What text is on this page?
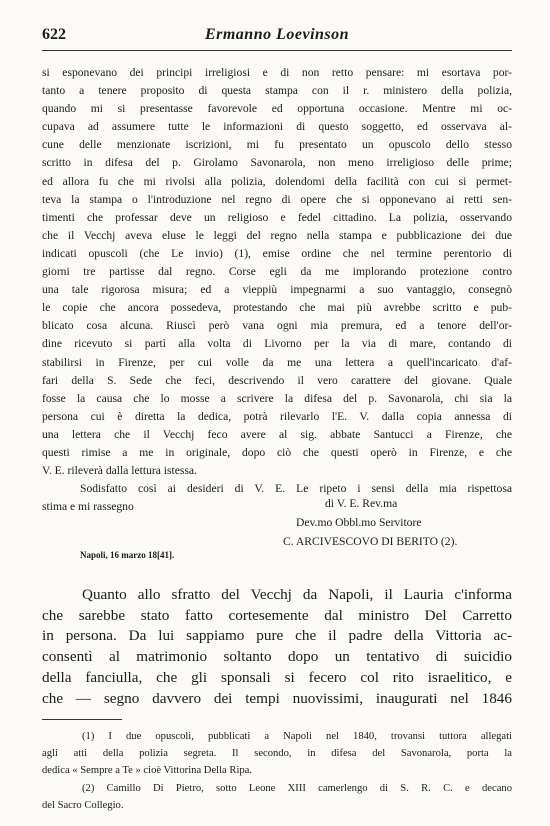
622	Ermanno Loevinson
si esponevano dei principi irreligiosi e di non retto pensare: mi esortava por-
tanto a tenere proposito di questa stampa con il r. ministero della polizia,
quando mi si presentasse favorevole ed opportuna occasione. Mentre mi oc-
cupava ad assumere tutte le informazioni di questo soggetto, ed osservava al-
cune delle menzionate iscrizioni, mi fu presentato un opuscolo dello stesso
scritto in difesa del p. Girolamo Savonarola, non meno irreligioso delle prime;
ed allora fu che mi rivolsi alla polizia, dolendomi della facilità con cui si permet-
teva la stampa o l'introduzione nel regno di opere che si opponevano ai retti sen-
timenti che professar deve un religioso e fedel cittadino. La polizia, osservando
che il Vecchj aveva eluse le leggi del regno nella stampa e pubblicazione dei due
indicati opuscoli (che Le invio) (1), emise ordine che nel termine perentorio di
giorni tre partisse dal regno. Corse egli da me implorando protezione contro
una tale rigorosa misura; ed a vieppiù impegnarmi a suo vantaggio, consegnò
le copie che ancora possedeva, protestando che mai più avrebbe scritto e pub-
blicato cosa alcuna. Riuscì però vana ogni mia premura, ed a tenore dell'or-
dine ricevuto si partì alla volta di Livorno per la via di mare, contando di
stabilirsi in Firenze, per cui volle da me una lettera a quell'incaricato d'af-
fari della S. Sede che feci, descrivendo il vero carattere del giovane. Quale
fosse la causa che lo mosse a scrivere la difesa del p. Savonarola, chi sia la
persona cui è diretta la dedica, potrà rilevarlo l'E. V. dalla copia annessa di
una lettera che il Vecchj feco avere al sig. abbate Santucci a Firenze, che
questi rimise a me in originale, dopo ciò che questi operò in Firenze, e che
V. E. rileverà dalla lettura istessa.
Sodisfatto così ai desideri di V. E. Le ripeto i sensi della mia rispettosa
stima e mi rassegno	di V. E. Rev.ma
Dev.mo Obbl.mo Servitore
C. ARCIVESCOVO DI BERITO (2).
Napoli, 16 marzo 18[41].
Quanto allo sfratto del Vecchj da Napoli, il Lauria c'informa
che sarebbe stato fatto cortesemente dal ministro Del Carretto
in persona. Da lui sappiamo pure che il padre della Vittoria ac-
consentì al matrimonio soltanto dopo un tentativo di suicidio
della fanciulla, che gli sponsali si fecero col rito israelitico, e
che — segno davvero dei tempi nuovissimi, inaugurati nel 1846
(1) I due opuscoli, pubblicati a Napoli nel 1840, trovansi tuttora allegati
agli atti della polizia segreta. Il secondo, in difesa del Savonarola, porta la
dedica « Sempre a Te » cioè Vittorina Della Ripa.
(2) Camillo Di Pietro, sotto Leone XIII camerlengo di S. R. C. e decano
del Sacro Collegio.
